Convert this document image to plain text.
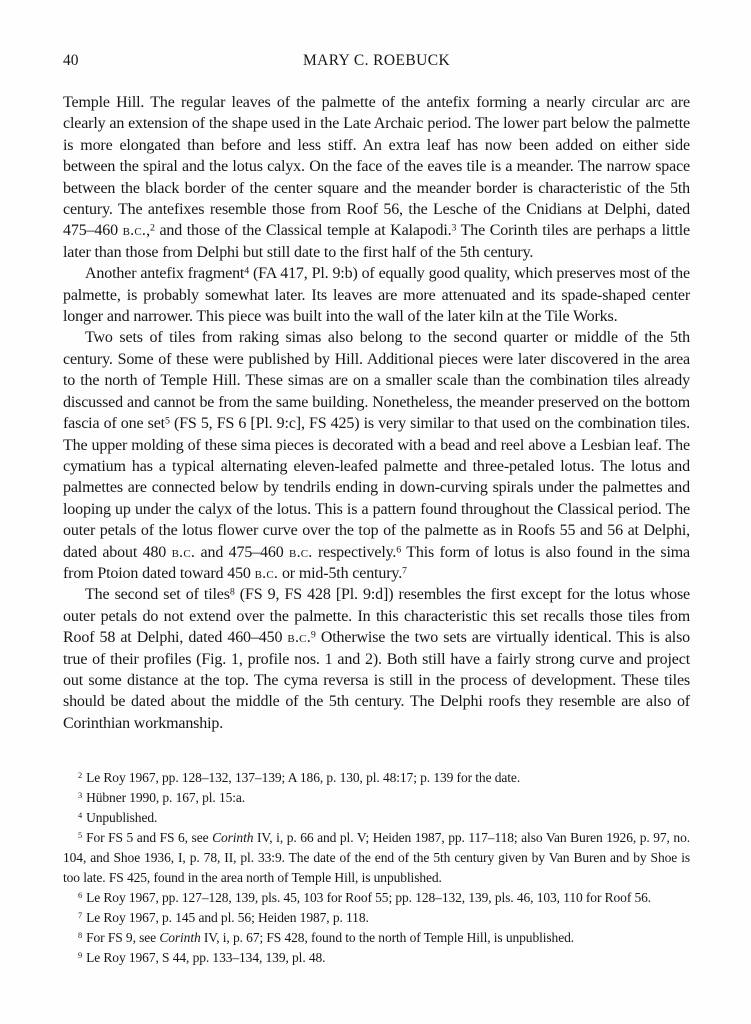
40	MARY C. ROEBUCK

Temple Hill. The regular leaves of the palmette of the antefix forming a nearly circular arc are clearly an extension of the shape used in the Late Archaic period. The lower part below the palmette is more elongated than before and less stiff. An extra leaf has now been added on either side between the spiral and the lotus calyx. On the face of the eaves tile is a meander. The narrow space between the black border of the center square and the meander border is characteristic of the 5th century. The antefixes resemble those from Roof 56, the Lesche of the Cnidians at Delphi, dated 475–460 b.c.,$^2$ and those of the Classical temple at Kalapodi.$^3$ The Corinth tiles are perhaps a little later than those from Delphi but still date to the first half of the 5th century.

Another antefix fragment$^4$ (FA 417, Pl. 9:b) of equally good quality, which preserves most of the palmette, is probably somewhat later. Its leaves are more attenuated and its spade-shaped center longer and narrower. This piece was built into the wall of the later kiln at the Tile Works.

Two sets of tiles from raking simas also belong to the second quarter or middle of the 5th century. Some of these were published by Hill. Additional pieces were later discovered in the area to the north of Temple Hill. These simas are on a smaller scale than the combination tiles already discussed and cannot be from the same building. Nonetheless, the meander preserved on the bottom fascia of one set$^5$ (FS 5, FS 6 [Pl. 9:c], FS 425) is very similar to that used on the combination tiles. The upper molding of these sima pieces is decorated with a bead and reel above a Lesbian leaf. The cymatium has a typical alternating eleven-leafed palmette and three-petaled lotus. The lotus and palmettes are connected below by tendrils ending in down-curving spirals under the palmettes and looping up under the calyx of the lotus. This is a pattern found throughout the Classical period. The outer petals of the lotus flower curve over the top of the palmette as in Roofs 55 and 56 at Delphi, dated about 480 b.c. and 475–460 b.c. respectively.$^6$ This form of lotus is also found in the sima from Ptoion dated toward 450 b.c. or mid-5th century.$^7$

The second set of tiles$^8$ (FS 9, FS 428 [Pl. 9:d]) resembles the first except for the lotus whose outer petals do not extend over the palmette. In this characteristic this set recalls those tiles from Roof 58 at Delphi, dated 460–450 b.c.$^9$ Otherwise the two sets are virtually identical. This is also true of their profiles (Fig. 1, profile nos. 1 and 2). Both still have a fairly strong curve and project out some distance at the top. The cyma reversa is still in the process of development. These tiles should be dated about the middle of the 5th century. The Delphi roofs they resemble are also of Corinthian workmanship.

$^2$ Le Roy 1967, pp. 128–132, 137–139; A 186, p. 130, pl. 48:17; p. 139 for the date.

$^3$ Hübner 1990, p. 167, pl. 15:a.

$^4$ Unpublished.

$^5$ For FS 5 and FS 6, see Corinth IV, i, p. 66 and pl. V; Heiden 1987, pp. 117–118; also Van Buren 1926, p. 97, no. 104, and Shoe 1936, I, p. 78, II, pl. 33:9. The date of the end of the 5th century given by Van Buren and by Shoe is too late. FS 425, found in the area north of Temple Hill, is unpublished.

$^6$ Le Roy 1967, pp. 127–128, 139, pls. 45, 103 for Roof 55; pp. 128–132, 139, pls. 46, 103, 110 for Roof 56.

$^7$ Le Roy 1967, p. 145 and pl. 56; Heiden 1987, p. 118.

$^8$ For FS 9, see Corinth IV, i, p. 67; FS 428, found to the north of Temple Hill, is unpublished.

$^9$ Le Roy 1967, S 44, pp. 133–134, 139, pl. 48.
